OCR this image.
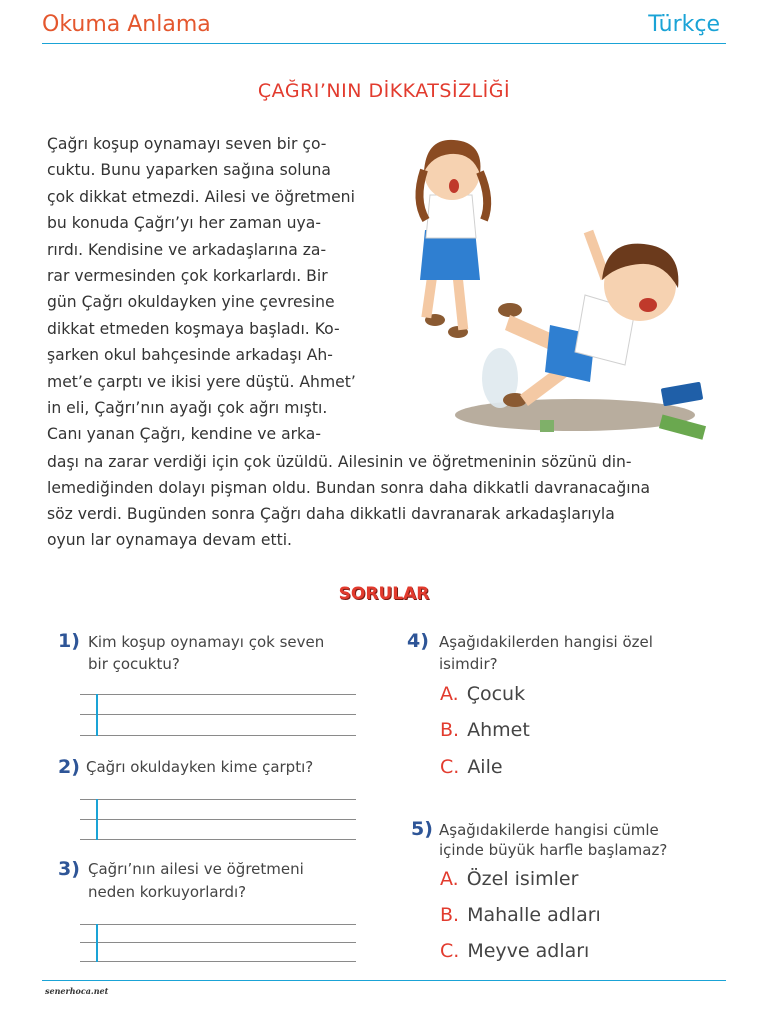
Okuma Anlama	Türkçe
ÇAĞRI’NIN DİKKATSİZLİĞİ
Çağrı koşup oynamayı seven bir ço-
cuktu. Bunu yaparken sağına soluna
çok dikkat etmezdi. Ailesi ve öğretmeni
bu konuda Çağrı’yı her zaman uya-
rırdı. Kendisine ve arkadaşlarına za-
rar vermesinden çok korkarlardı. Bir
gün Çağrı okuldayken yine çevresine
dikkat etmeden koşmaya başladı. Ko-
şarken okul bahçesinde arkadaşı Ah-
met’e çarptı ve ikisi yere düştü. Ahmet’
in eli, Çağrı’nın ayağı çok ağrı mıştı.
Canı yanan Çağrı, kendine ve arka-
daşı na zarar verdiği için çok üzüldü. Ailesinin ve öğretmeninin sözünü din-
lemediğinden dolayı pişman oldu. Bundan sonra daha dikkatli davranacağına
söz verdi. Bugünden sonra Çağrı daha dikkatli davranarak arkadaşlarıyla
oyun lar oynamaya devam etti.
SORULAR
1) Kim koşup oynamayı çok seven
bir çocuktu?
2) Çağrı okuldayken kime çarptı?
3) Çağrı’nın ailesi ve öğretmeni
neden korkuyorlardı?
4) Aşağıdakilerden hangisi özel
isimdir?
A. Çocuk
B. Ahmet
C. Aile
5) Aşağıdakilerde hangisi cümle
içinde büyük harfle başlamaz?
A. Özel isimler
B. Mahalle adları
C. Meyve adları
senerhoca.net
